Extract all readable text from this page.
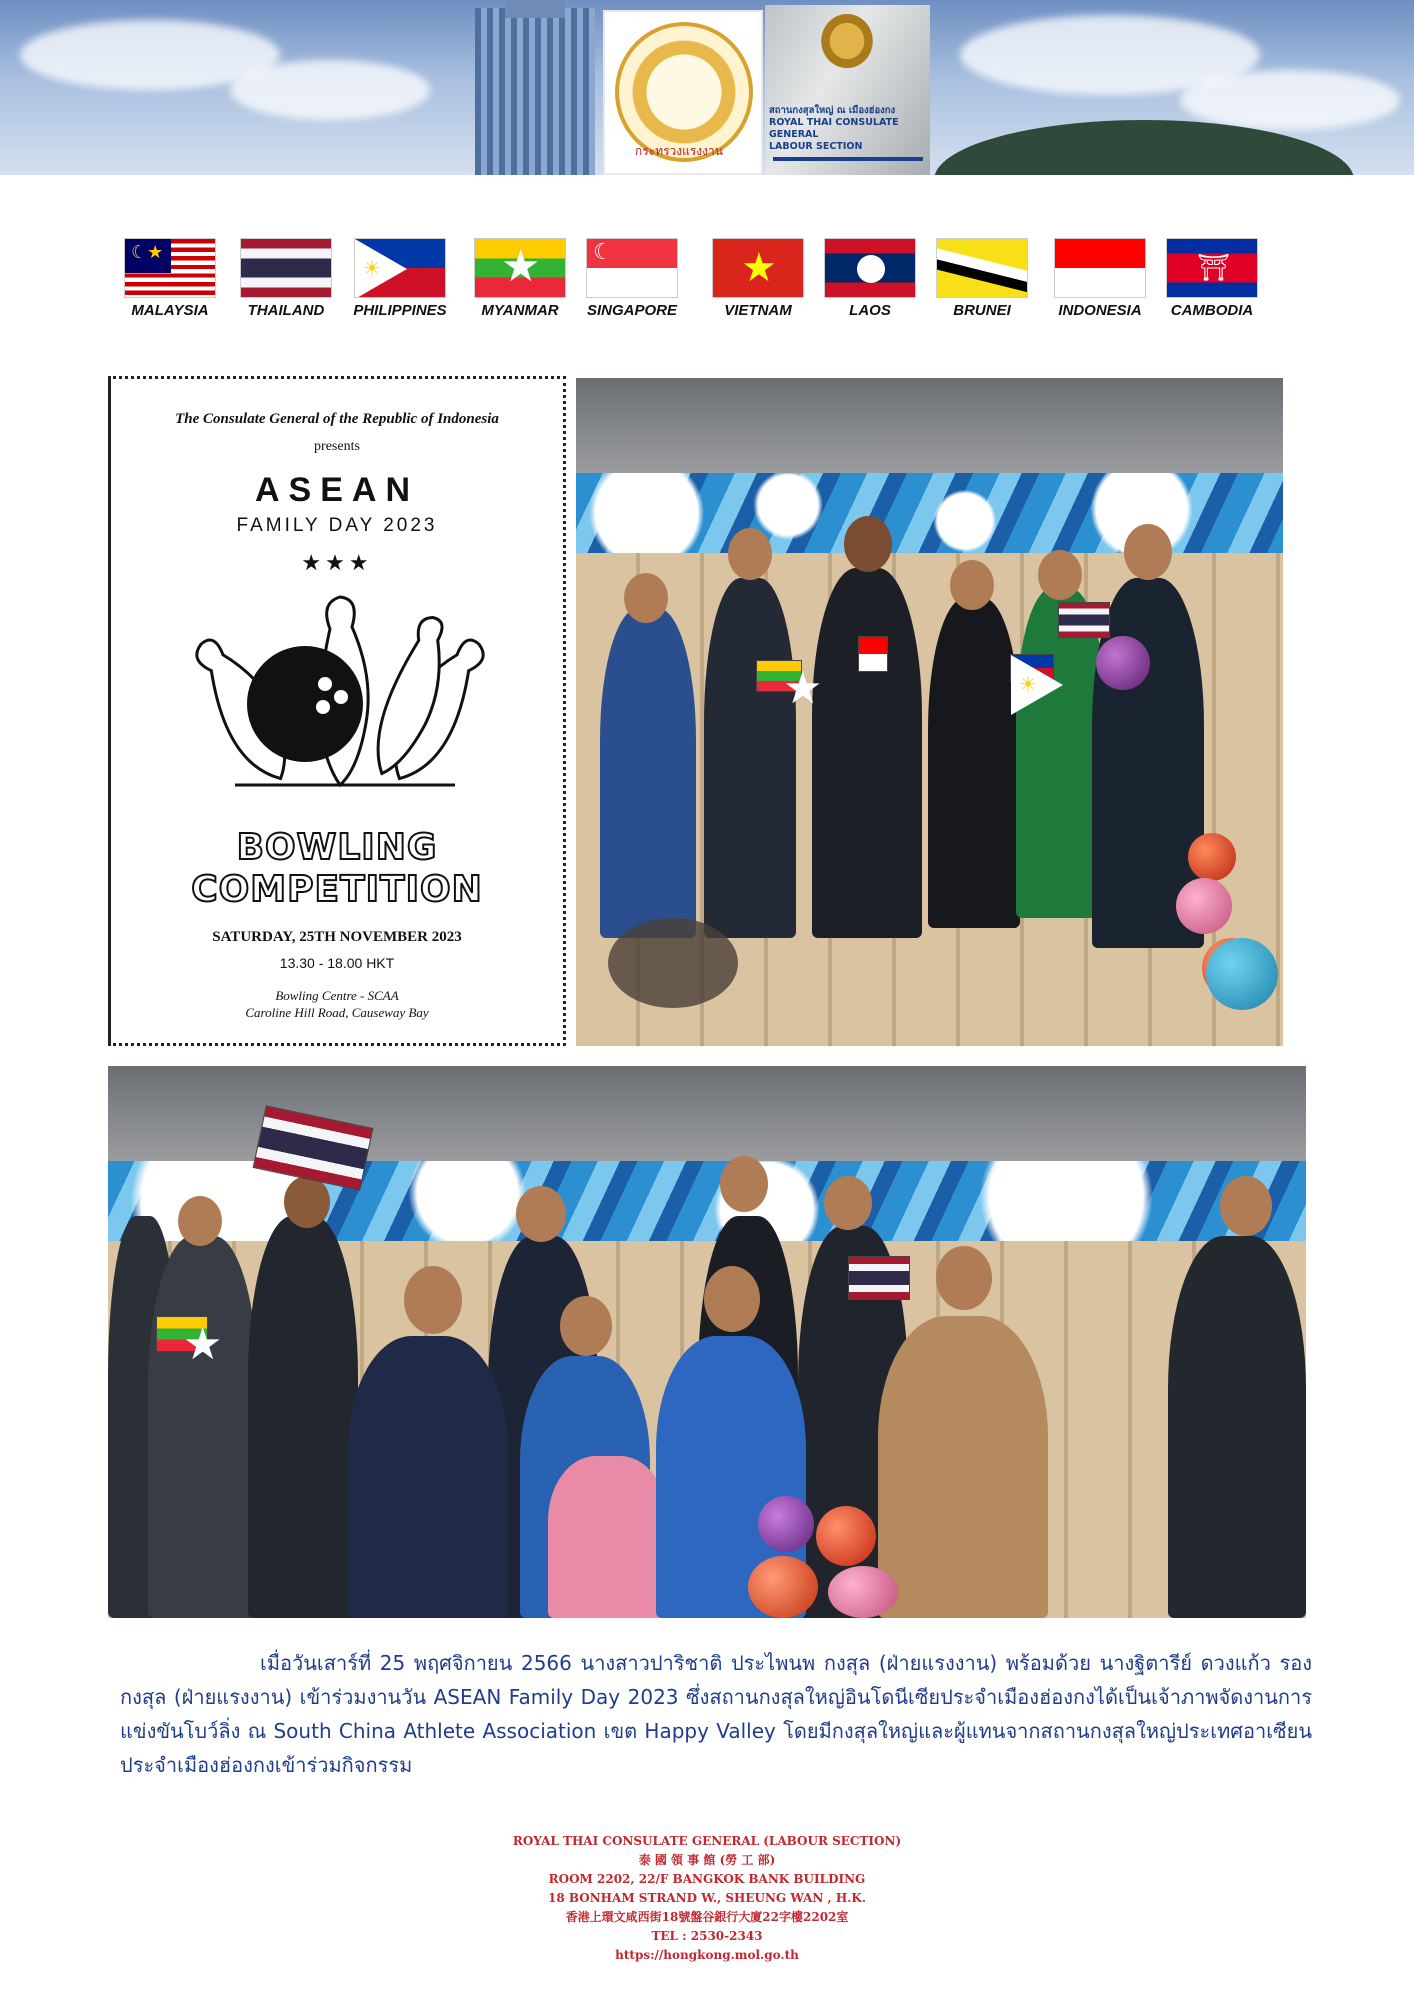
กระทรวงแรงงาน
สถานกงสุลใหญ่ ณ เมืองฮ่องกง
ROYAL THAI CONSULATE GENERAL
LABOUR SECTION
☾★
MALAYSIA	THAILAND
☀	PHILIPPINES
★	MYANMAR
☾	SINGAPORE
★	VIETNAM	LAOS	BRUNEI	INDONESIA
⛩	CAMBODIA
The Consulate General of the Republic of Indonesia
presents
ASEAN
FAMILY DAY 2023
★★★
BOWLING
COMPETITION
SATURDAY, 25TH NOVEMBER 2023
13.30 - 18.00 HKT
Bowling Centre - SCAA
Caroline Hill Road, Causeway Bay
★
☀
★
เมื่อวันเสาร์ที่ 25 พฤศจิกายน 2566 นางสาวปาริชาติ ประไพนพ กงสุล (ฝ่ายแรงงาน) พร้อมด้วย นางฐิตารีย์ ดวงแก้ว รองกงสุล (ฝ่ายแรงงาน) เข้าร่วมงานวัน ASEAN Family Day 2023 ซึ่งสถานกงสุลใหญ่อินโดนีเซียประจำเมืองฮ่องกงได้เป็นเจ้าภาพจัดงานการแข่งขันโบว์ลิ่ง ณ South China Athlete Association เขต Happy Valley โดยมีกงสุลใหญ่และผู้แทนจากสถานกงสุลใหญ่ประเทศอาเซียนประจำเมืองฮ่องกงเข้าร่วมกิจกรรม
ROYAL THAI CONSULATE GENERAL (LABOUR SECTION)
泰 國 領 事 館 (勞 工 部)
ROOM 2202, 22/F BANGKOK BANK BUILDING
18 BONHAM STRAND W., SHEUNG WAN , H.K.
香港上環文咸西街18號盤谷銀行大廈22字樓2202室
TEL : 2530-2343
https://hongkong.mol.go.th
